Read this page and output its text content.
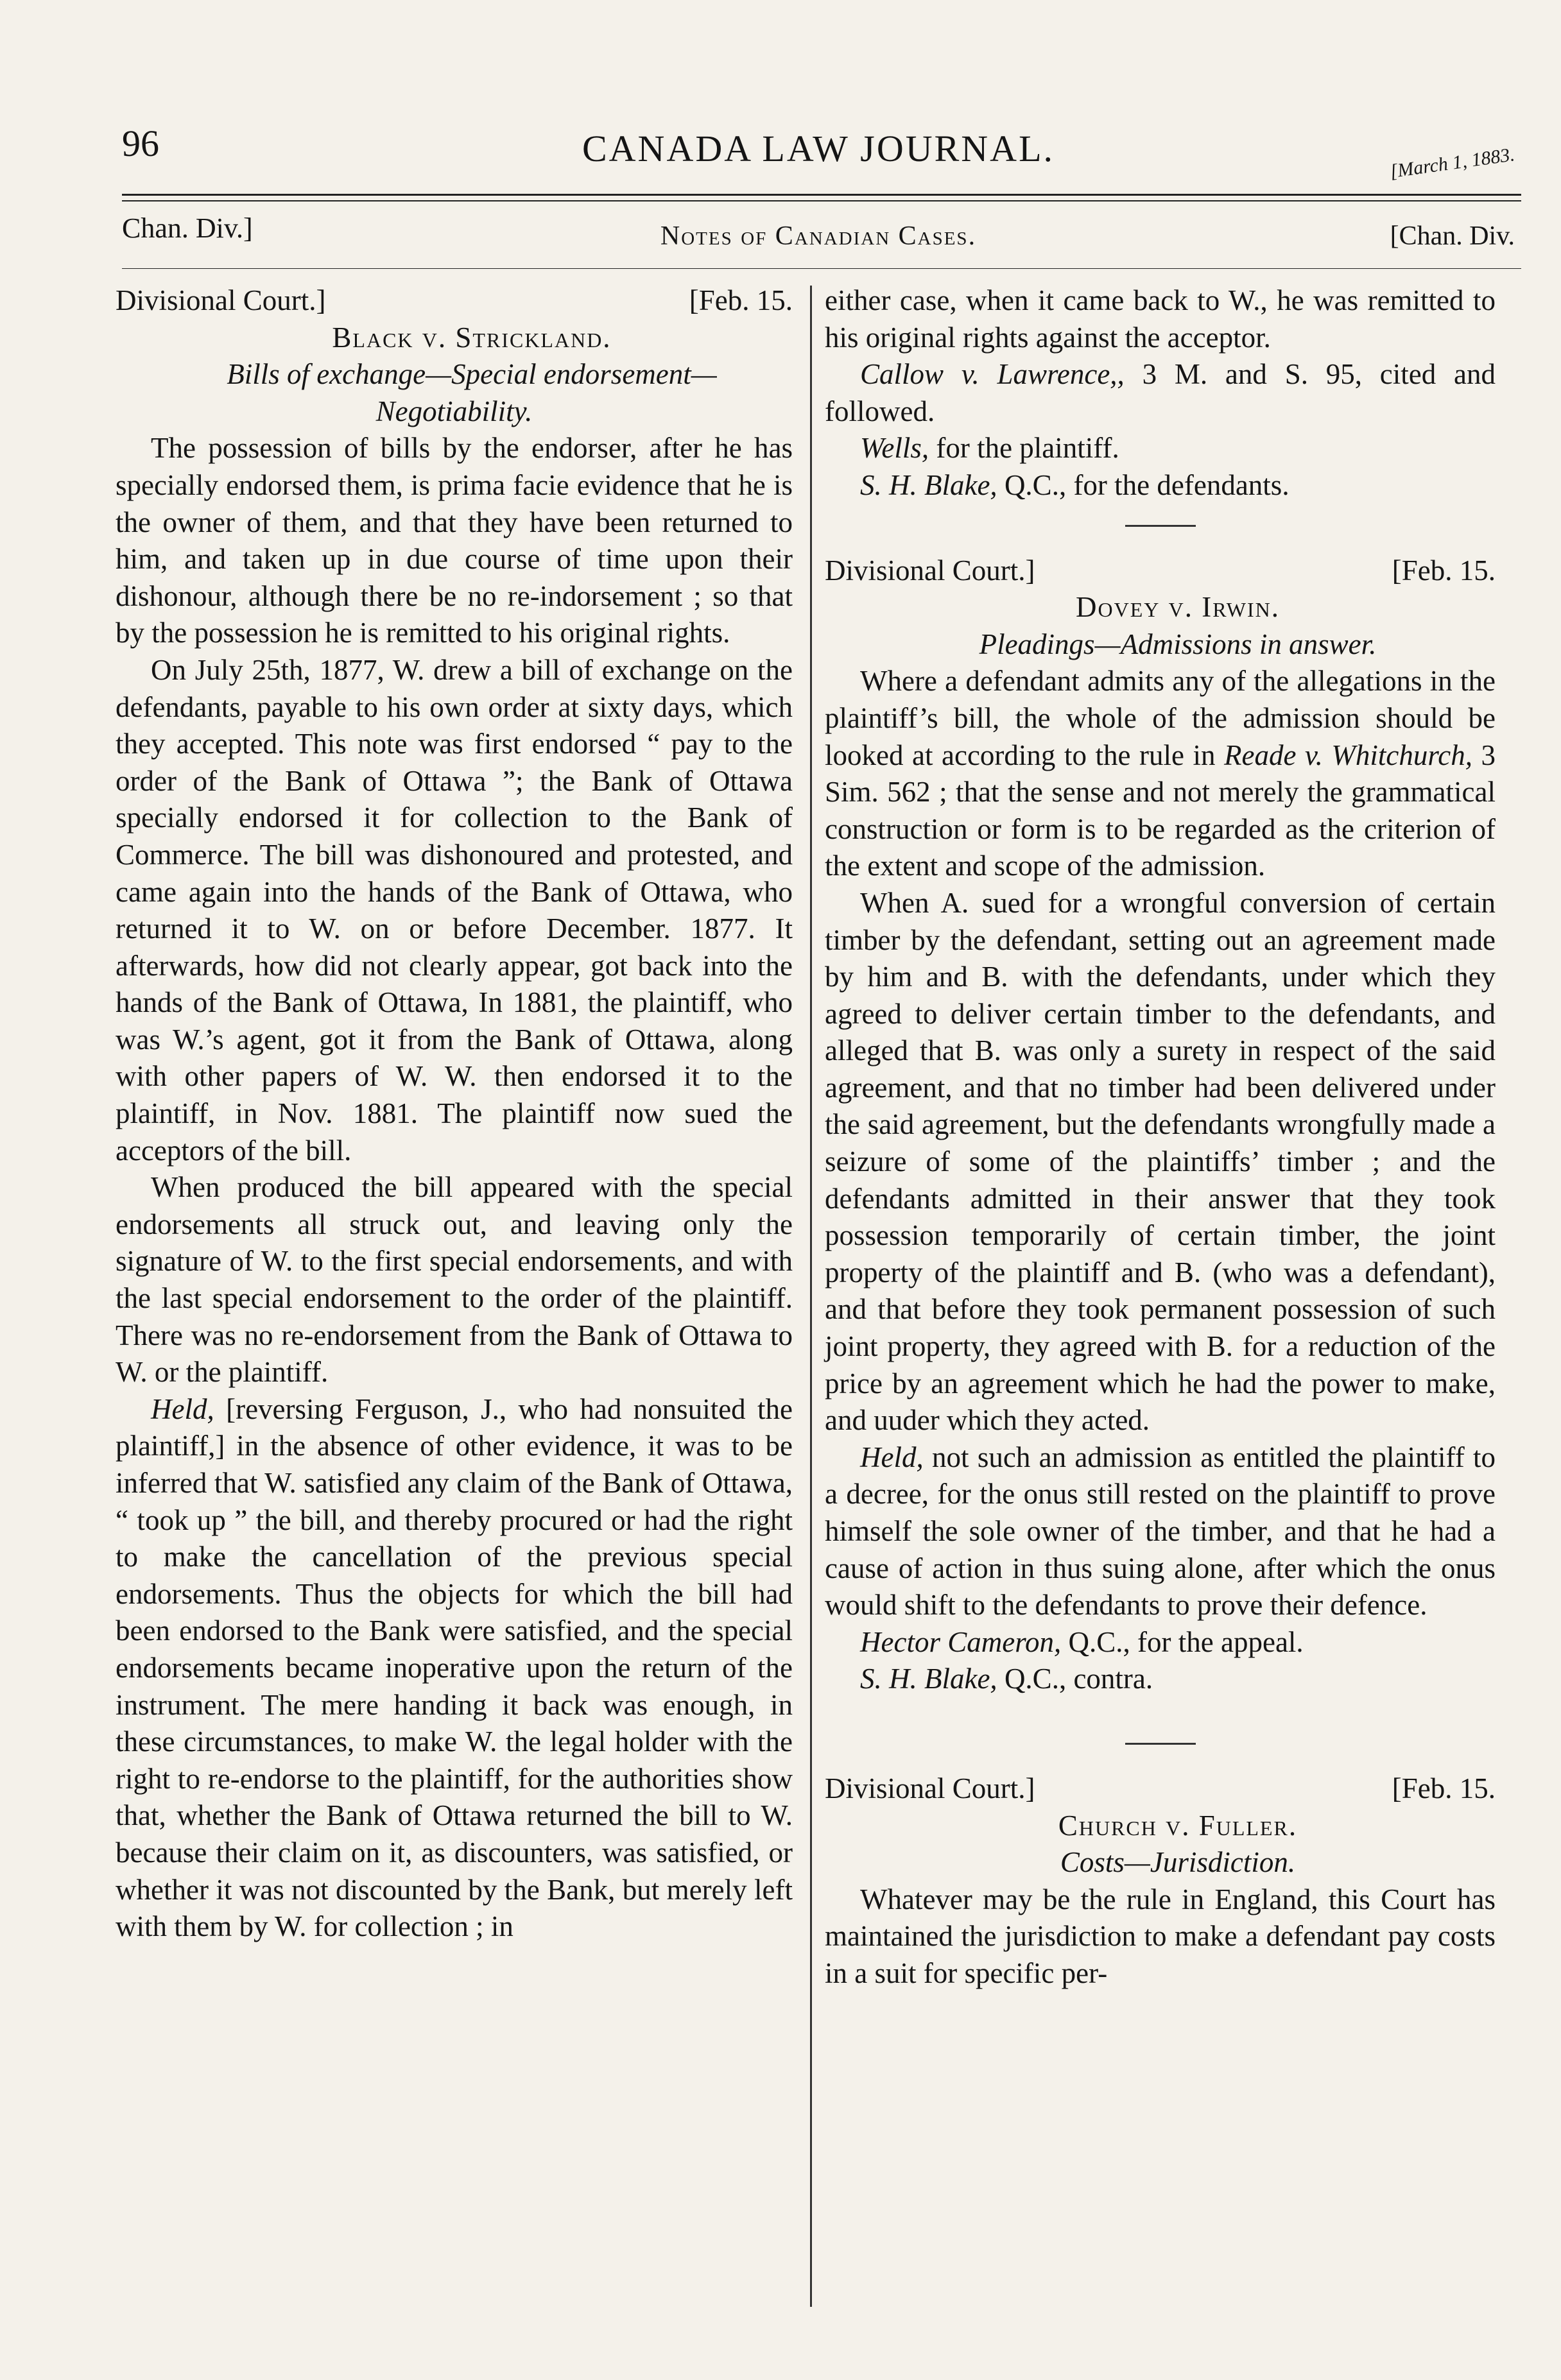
96	CANADA LAW JOURNAL.	[March 1, 1883.
Chan. Div.]	Notes of Canadian Cases.	[Chan. Div.
Divisional Court.]	[Feb. 15.

Black v. Strickland.

Bills of exchange—Special endorsement—
Negotiability.

The possession of bills by the endorser, after he has specially endorsed them, is prima facie evidence that he is the owner of them, and that they have been returned to him, and taken up in due course of time upon their dishonour, although there be no re-indorsement ; so that by the possession he is remitted to his original rights.

On July 25th, 1877, W. drew a bill of exchange on the defendants, payable to his own order at sixty days, which they accepted. This note was first endorsed “ pay to the order of the Bank of Ottawa ”; the Bank of Ottawa specially endorsed it for collection to the Bank of Commerce. The bill was dishonoured and protested, and came again into the hands of the Bank of Ottawa, who returned it to W. on or before December. 1877. It afterwards, how did not clearly appear, got back into the hands of the Bank of Ottawa, In 1881, the plaintiff, who was W.’s agent, got it from the Bank of Ottawa, along with other papers of W. W. then endorsed it to the plaintiff, in Nov. 1881. The plaintiff now sued the acceptors of the bill.

When produced the bill appeared with the special endorsements all struck out, and leaving only the signature of W. to the first special endorsements, and with the last special endorsement to the order of the plaintiff. There was no re-endorsement from the Bank of Ottawa to W. or the plaintiff.

Held, [reversing Ferguson, J., who had nonsuited the plaintiff,] in the absence of other evidence, it was to be inferred that W. satisfied any claim of the Bank of Ottawa, “ took up ” the bill, and thereby procured or had the right to make the cancellation of the previous special endorsements. Thus the objects for which the bill had been endorsed to the Bank were satisfied, and the special endorsements became inoperative upon the return of the instrument. The mere handing it back was enough, in these circumstances, to make W. the legal holder with the right to re-endorse to the plaintiff, for the authorities show that, whether the Bank of Ottawa returned the bill to W. because their claim on it, as discounters, was satisfied, or whether it was not discounted by the Bank, but merely left with them by W. for collection ; in

either case, when it came back to W., he was remitted to his original rights against the acceptor.

Callow v. Lawrence,, 3 M. and S. 95, cited and followed.

Wells, for the plaintiff.

S. H. Blake, Q.C., for the defendants.

Divisional Court.]	[Feb. 15.

Dovey v. Irwin.

Pleadings—Admissions in answer.

Where a defendant admits any of the allegations in the plaintiff’s bill, the whole of the admission should be looked at according to the rule in Reade v. Whitchurch, 3 Sim. 562 ; that the sense and not merely the grammatical construction or form is to be regarded as the criterion of the extent and scope of the admission.

When A. sued for a wrongful conversion of certain timber by the defendant, setting out an agreement made by him and B. with the defendants, under which they agreed to deliver certain timber to the defendants, and alleged that B. was only a surety in respect of the said agreement, and that no timber had been delivered under the said agreement, but the defendants wrongfully made a seizure of some of the plaintiffs’ timber ; and the defendants admitted in their answer that they took possession temporarily of certain timber, the joint property of the plaintiff and B. (who was a defendant), and that before they took permanent possession of such joint property, they agreed with B. for a reduction of the price by an agreement which he had the power to make, and uuder which they acted.

Held, not such an admission as entitled the plaintiff to a decree, for the onus still rested on the plaintiff to prove himself the sole owner of the timber, and that he had a cause of action in thus suing alone, after which the onus would shift to the defendants to prove their defence.

Hector Cameron, Q.C., for the appeal.

S. H. Blake, Q.C., contra.

Divisional Court.]	[Feb. 15.

Church v. Fuller.

Costs—Jurisdiction.

Whatever may be the rule in England, this Court has maintained the jurisdiction to make a defendant pay costs in a suit for specific per-
